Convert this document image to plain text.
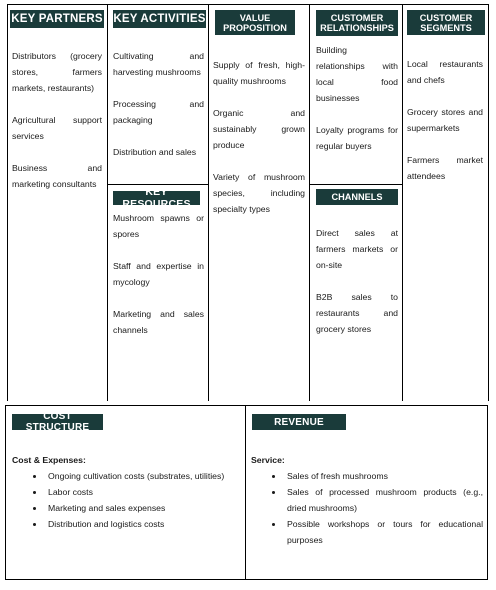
KEY PARTNERS

Distributors (grocery stores, farmers markets, restaurants)

Agricultural support services

Business and marketing consultants

KEY ACTIVITIES

Cultivating and harvesting mushrooms

Processing and packaging

Distribution and sales

KEY RESOURCES

Mushroom spawns or spores

Staff and expertise in mycology

Marketing and sales channels

VALUE
PROPOSITION

Supply of fresh, high-quality mushrooms

Organic and sustainably grown produce

Variety of mushroom species, including specialty types

CUSTOMER
RELATIONSHIPS

Building relationships with local food businesses

Loyalty programs for regular buyers

CHANNELS

Direct sales at farmers markets or on-site

B2B sales to restaurants and grocery stores

CUSTOMER
SEGMENTS

Local restaurants and chefs

Grocery stores and supermarkets

Farmers market attendees

COST STRUCTURE
Cost & Expenses:
• Ongoing cultivation costs (substrates, utilities)
• Labor costs
• Marketing and sales expenses
• Distribution and logistics costs
REVENUE
Service:
• Sales of fresh mushrooms
• Sales of processed mushroom products (e.g., dried mushrooms)
• Possible workshops or tours for educational purposes
